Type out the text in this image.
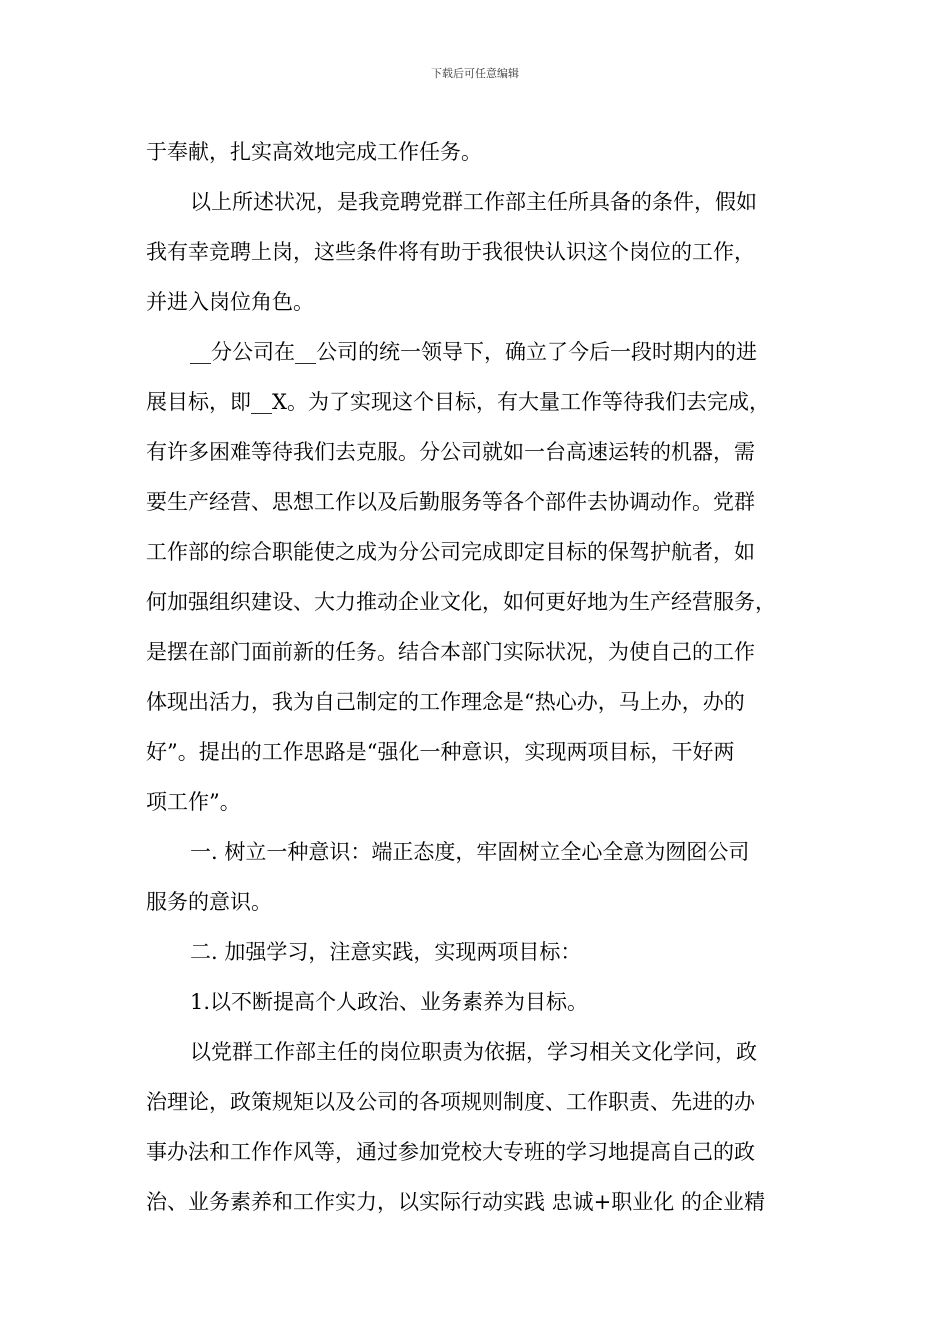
下载后可任意编辑
于奉献，扎实高效地完成工作任务。
以上所述状况，是我竞聘党群工作部主任所具备的条件，假如
我有幸竞聘上岗，这些条件将有助于我很快认识这个岗位的工作，
并进入岗位角色。
__分公司在__公司的统一领导下，确立了今后一段时期内的进
展目标，即__X。为了实现这个目标，有大量工作等待我们去完成，
有许多困难等待我们去克服。分公司就如一台高速运转的机器，需
要生产经营、思想工作以及后勤服务等各个部件去协调动作。党群
工作部的综合职能使之成为分公司完成即定目标的保驾护航者，如
何加强组织建设、大力推动企业文化，如何更好地为生产经营服务，
是摆在部门面前新的任务。结合本部门实际状况，为使自己的工作
体现出活力，我为自己制定的工作理念是“热心办，马上办，办的
好”。提出的工作思路是“强化一种意识，实现两项目标，干好两
项工作”。
一. 树立一种意识：端正态度，牢固树立全心全意为囫囵公司
服务的意识。
二. 加强学习，注意实践，实现两项目标：
1.以不断提高个人政治、业务素养为目标。
以党群工作部主任的岗位职责为依据，学习相关文化学问，政
治理论，政策规矩以及公司的各项规则制度、工作职责、先进的办
事办法和工作作风等，通过参加党校大专班的学习地提高自己的政
治、业务素养和工作实力，以实际行动实践 忠诚+职业化 的企业精
